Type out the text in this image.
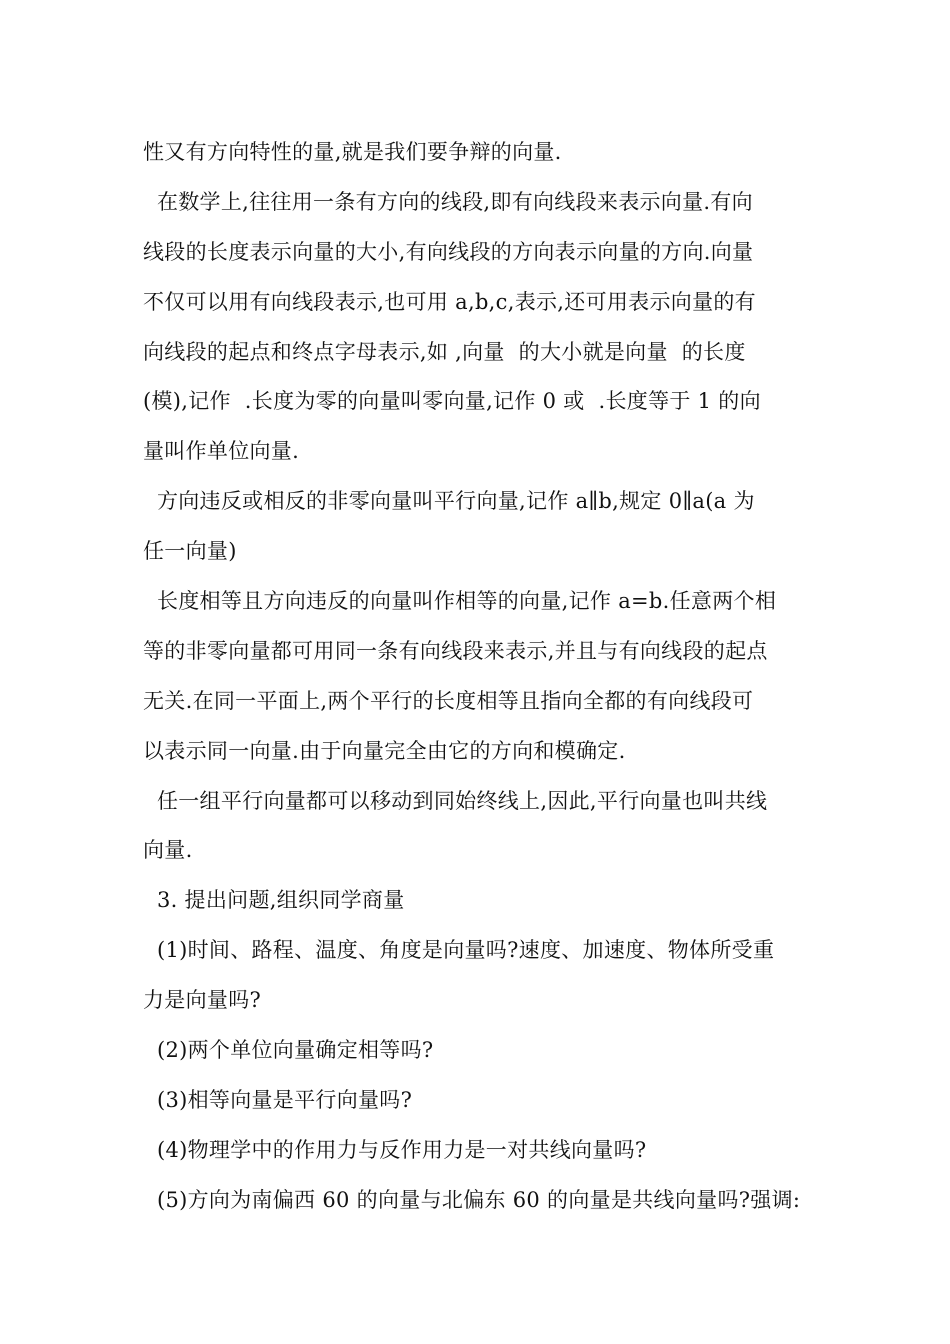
性又有方向特性的量,就是我们要争辩的向量.
在数学上,往往用一条有方向的线段,即有向线段来表示向量.有向
线段的长度表示向量的大小,有向线段的方向表示向量的方向.向量
不仅可以用有向线段表示,也可用 a,b,c,表示,还可用表示向量的有
向线段的起点和终点字母表示,如 ,向量  的大小就是向量  的长度
(模),记作  .长度为零的向量叫零向量,记作 0 或  .长度等于 1 的向
量叫作单位向量.
方向违反或相反的非零向量叫平行向量,记作 a∥b,规定 0∥a(a 为
任一向量)
长度相等且方向违反的向量叫作相等的向量,记作 a=b.任意两个相
等的非零向量都可用同一条有向线段来表示,并且与有向线段的起点
无关.在同一平面上,两个平行的长度相等且指向全都的有向线段可
以表示同一向量.由于向量完全由它的方向和模确定.
任一组平行向量都可以移动到同始终线上,因此,平行向量也叫共线
向量.
3. 提出问题,组织同学商量
(1)时间、路程、温度、角度是向量吗?速度、加速度、物体所受重
力是向量吗?
(2)两个单位向量确定相等吗?
(3)相等向量是平行向量吗?
(4)物理学中的作用力与反作用力是一对共线向量吗?
(5)方向为南偏西 60 的向量与北偏东 60 的向量是共线向量吗?强调:
